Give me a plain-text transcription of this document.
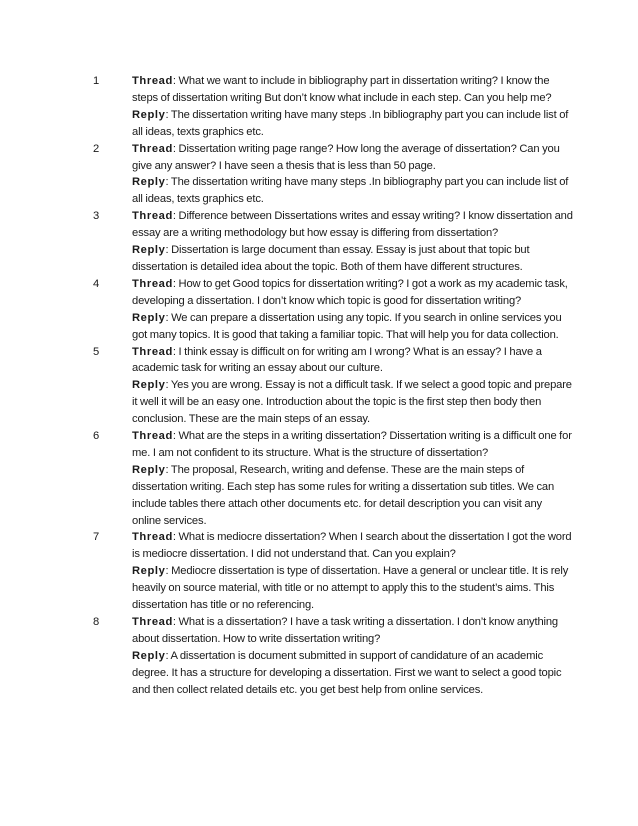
1	Thread: What we want to include in bibliography part in dissertation writing? I know the steps of dissertation writing But don’t know what include in each step. Can you help me?

Reply: The dissertation writing have many steps .In bibliography part you can include list of all ideas, texts graphics etc.

2	Thread: Dissertation writing page range? How long the average of dissertation? Can you give any answer? I have seen a thesis that is less than 50 page.

Reply: The dissertation writing have many steps .In bibliography part you can include list of all ideas, texts graphics etc.

3	Thread: Difference between Dissertations writes and essay writing? I know dissertation and essay are a writing methodology but how essay is differing from dissertation?

Reply: Dissertation is large document than essay. Essay is just about that topic but dissertation is detailed idea about the topic. Both of them have different structures.

4	Thread: How to get Good topics for dissertation writing? I got a work as my academic task, developing a dissertation. I don’t know which topic is good for dissertation writing?

Reply: We can prepare a dissertation using any topic. If you search in online services you got many topics. It is good that taking a familiar topic. That will help you for data collection.

5	Thread: I think essay is difficult on for writing am I wrong? What is an essay? I have a academic task for writing an essay about our culture.

Reply: Yes you are wrong. Essay is not a difficult task. If we select a good topic and prepare it well it will be an easy one. Introduction about the topic is the first step then body then conclusion. These are the main steps of an essay.

6	Thread: What are the steps in a writing dissertation? Dissertation writing is a difficult one for me. I am not confident to its structure. What is the structure of dissertation?

Reply: The proposal, Research, writing and defense. These are the main steps of dissertation writing. Each step has some rules for writing a dissertation sub titles. We can include tables there attach other documents etc. for detail description you can visit any online services.

7	Thread: What is mediocre dissertation? When I search about the dissertation I got the word is mediocre dissertation. I did not understand that. Can you explain?

Reply: Mediocre dissertation is type of dissertation. Have a general or unclear title. It is rely heavily on source material, with title or no attempt to apply this to the student’s aims. This dissertation has title or no referencing.

8	Thread: What is a dissertation? I have a task writing a dissertation. I don’t know anything about dissertation. How to write dissertation writing?

Reply: A dissertation is document submitted in support of candidature of an academic degree. It has a structure for developing a dissertation. First we want to select a good topic and then collect related details etc. you get best help from online services.
